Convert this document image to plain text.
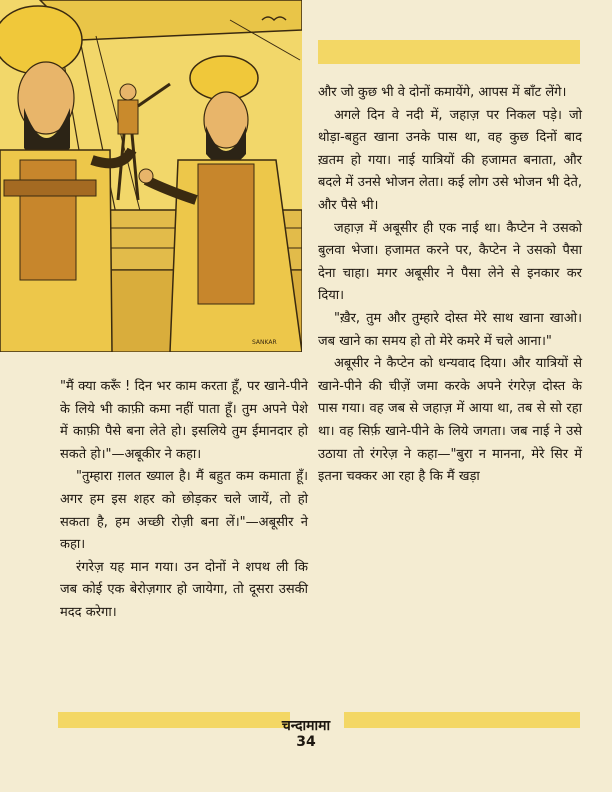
SANKAR

"मैं क्या करूँ ! दिन भर काम करता हूँ, पर खाने-पीने के लिये भी काफ़ी कमा नहीं पाता हूँ। तुम अपने पेशे में काफ़ी पैसे बना लेते हो। इसलिये तुम ईमानदार हो सकते हो।"—अबूकीर ने कहा।

"तुम्हारा ग़लत ख्याल है। मैं बहुत कम कमाता हूँ। अगर हम इस शहर को छोड़कर चले जायें, तो हो सकता है, हम अच्छी रोज़ी बना लें।"—अबूसीर ने कहा।

रंगरेज़ यह मान गया। उन दोनों ने शपथ ली कि जब कोई एक बेरोज़गार हो जायेगा, तो दूसरा उसकी मदद करेगा।

और जो कुछ भी वे दोनों कमायेंगे, आपस में बाँट लेंगे।

अगले दिन वे नदी में, जहाज़ पर निकल पड़े। जो थोड़ा-बहुत खाना उनके पास था, वह कुछ दिनों बाद ख़तम हो गया। नाई यात्रियों की हजामत बनाता, और बदले में उनसे भोजन लेता। कई लोग उसे भोजन भी देते, और पैसे भी।

जहाज़ में अबूसीर ही एक नाई था। कैप्टेन ने उसको बुलवा भेजा। हजामत करने पर, कैप्टेन ने उसको पैसा देना चाहा। मगर अबूसीर ने पैसा लेने से इनकार कर दिया।

"ख़ैर, तुम और तुम्हारे दोस्त मेरे साथ खाना खाओ। जब खाने का समय हो तो मेरे कमरे में चले आना।"

अबूसीर ने कैप्टेन को धन्यवाद दिया। और यात्रियों से खाने-पीने की चीज़ें जमा करके अपने रंगरेज़ दोस्त के पास गया। वह जब से जहाज़ में आया था, तब से सो रहा था। वह सिर्फ़ खाने-पीने के लिये जगता। जब नाई ने उसे उठाया तो रंगरेज़ ने कहा—"बुरा न मानना, मेरे सिर में इतना चक्कर आ रहा है कि मैं खड़ा

चन्दामामा
34
